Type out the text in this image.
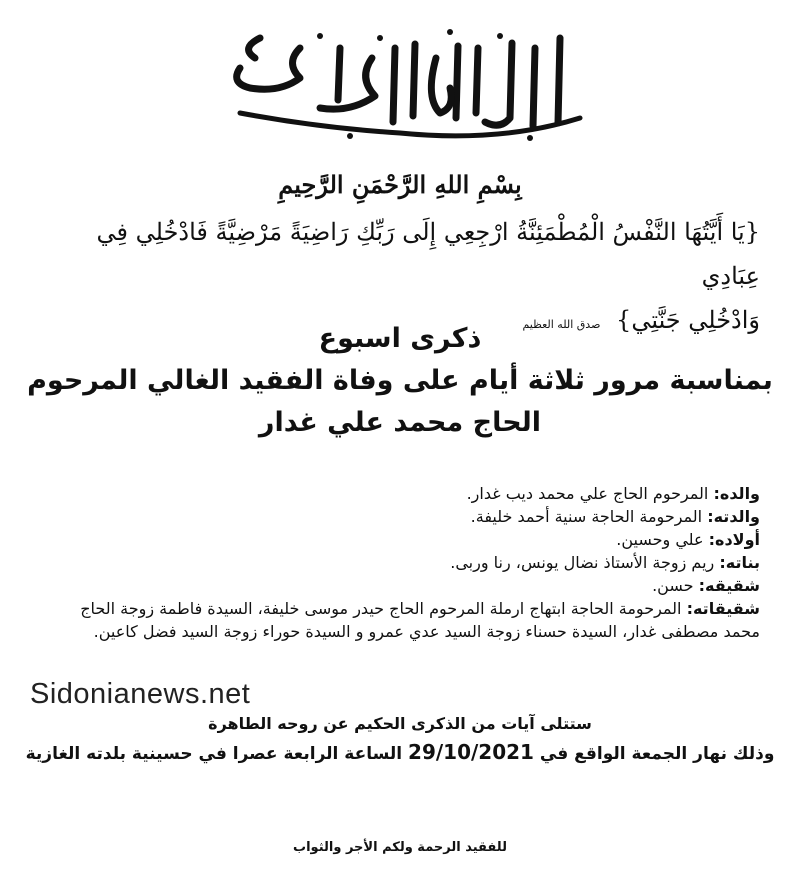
بِسْمِ اللهِ الرَّحْمَنِ الرَّحِيمِ
{يَا أَيَّتُهَا النَّفْسُ الْمُطْمَئِنَّةُ ارْجِعِي إِلَى رَبِّكِ رَاضِيَةً مَرْضِيَّةً فَادْخُلِي فِي عِبَادِي
وَادْخُلِي جَنَّتِي} صدق الله العظيم
ذكرى اسبوع
بمناسبة مرور ثلاثة أيام على وفاة الفقيد الغالي المرحوم
الحاج محمد علي غدار
والده: المرحوم الحاج علي محمد ديب غدار.
والدته: المرحومة الحاجة سنية أحمد خليفة.
أولاده: علي وحسين.
بناته: ريم زوجة الأستاذ نضال يونس، رنا وربى.
شقيقه: حسن.
شقيقاته: المرحومة الحاجة ابتهاج ارملة المرحوم الحاج حيدر موسى خليفة، السيدة فاطمة زوجة الحاج محمد مصطفى غدار، السيدة حسناء زوجة السيد عدي عمرو و السيدة حوراء زوجة السيد فضل كاعين.
Sidonianews.net
ستتلى آيات من الذكرى الحكيم عن روحه الطاهرة
وذلك نهار الجمعة الواقع في 29/10/2021 الساعة الرابعة عصرا في حسينية بلدته الغازية
للفقيد الرحمة ولكم الأجر والثواب
